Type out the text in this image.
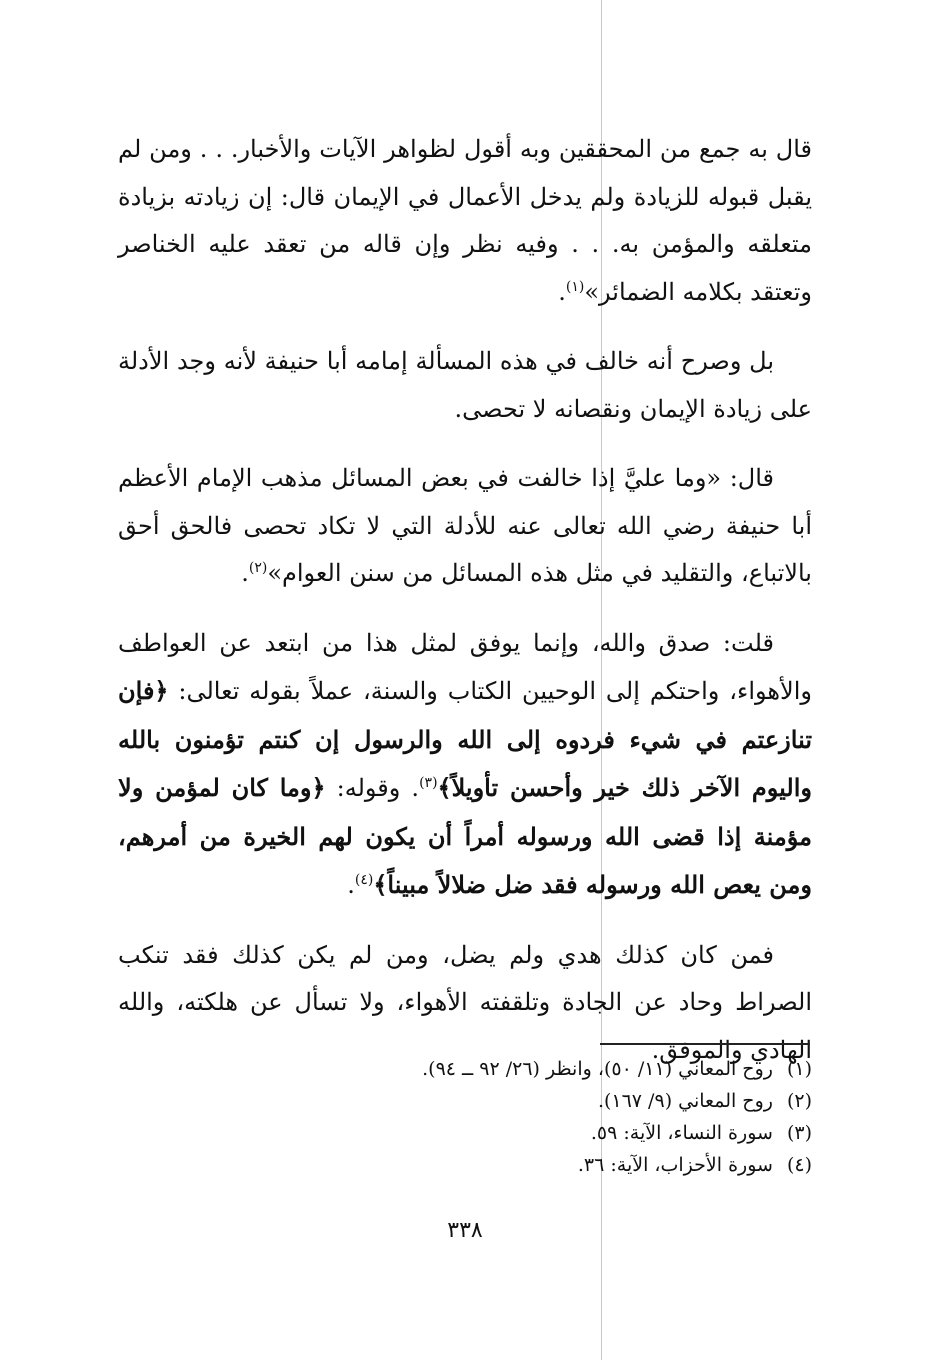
قال به جمع من المحققين وبه أقول لظواهر الآيات والأخبار. . . ومن لم يقبل قبوله للزيادة ولم يدخل الأعمال في الإيمان قال: إن زيادته بزيادة متعلقه والمؤمن به. . . وفيه نظر وإن قاله من تعقد عليه الخناصر وتعتقد بكلامه الضمائر»$^{(١)}$.

بل وصرح أنه خالف في هذه المسألة إمامه أبا حنيفة لأنه وجد الأدلة على زيادة الإيمان ونقصانه لا تحصى.

قال: «وما عليَّ إذا خالفت في بعض المسائل مذهب الإمام الأعظم أبا حنيفة رضي الله تعالى عنه للأدلة التي لا تكاد تحصى فالحق أحق بالاتباع، والتقليد في مثل هذه المسائل من سنن العوام»$^{(٢)}$.

قلت: صدق والله، وإنما يوفق لمثل هذا من ابتعد عن العواطف والأهواء، واحتكم إلى الوحيين الكتاب والسنة، عملاً بقوله تعالى: ﴿فإن تنازعتم في شيء فردوه إلى الله والرسول إن كنتم تؤمنون بالله واليوم الآخر ذلك خير وأحسن تأويلاً﴾$^{(٣)}$. وقوله: ﴿وما كان لمؤمن ولا مؤمنة إذا قضى الله ورسوله أمراً أن يكون لهم الخيرة من أمرهم، ومن يعص الله ورسوله فقد ضل ضلالاً مبيناً﴾$^{(٤)}$.

فمن كان كذلك هدي ولم يضل، ومن لم يكن كذلك فقد تنكب الصراط وحاد عن الجادة وتلقفته الأهواء، ولا تسأل عن هلكته، والله الهادي والموفق.

(١)روح المعاني (١١/ ٥٠)، وانظر (٢٦/ ٩٢ ــ ٩٤).
(٢)روح المعاني (٩/ ١٦٧).
(٣)سورة النساء، الآية: ٥٩.
(٤)سورة الأحزاب، الآية: ٣٦.
٣٣٨
